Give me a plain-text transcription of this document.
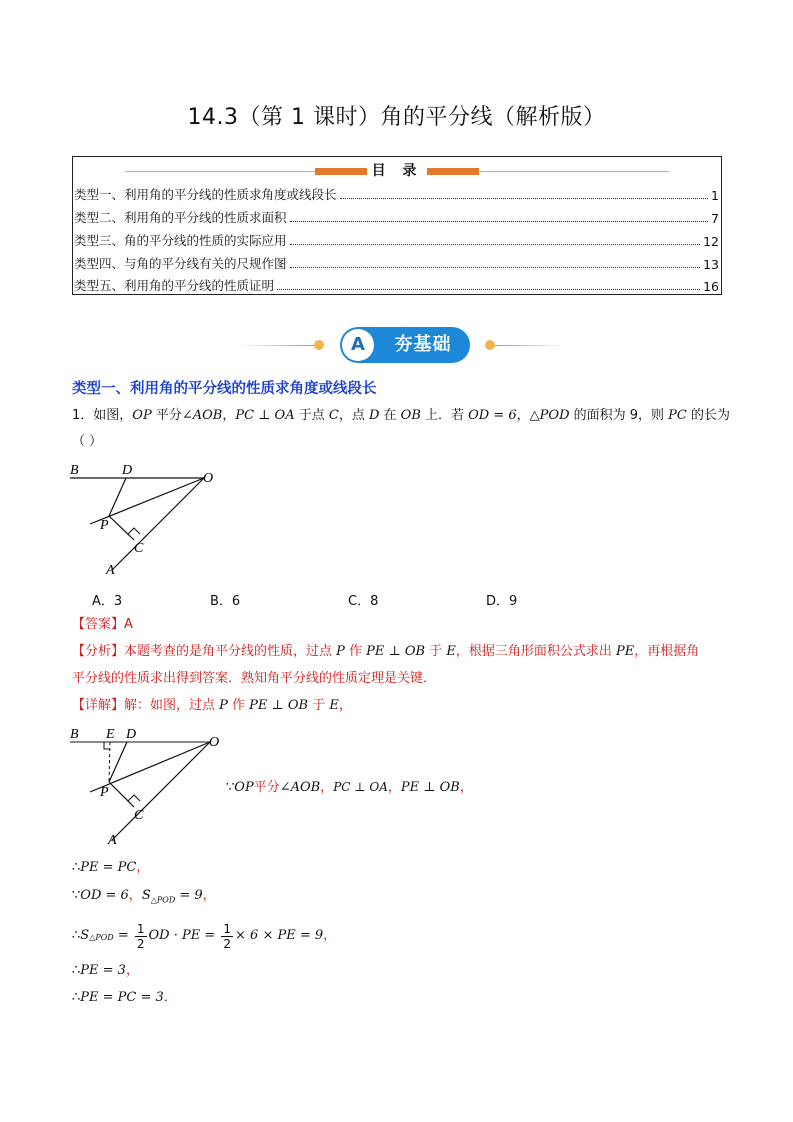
14.3（第 1 课时）角的平分线（解析版）
目 录
类型一、利用角的平分线的性质求角度或线段长	1
类型二、利用角的平分线的性质求面积	7
类型三、角的平分线的性质的实际应用	12
类型四、与角的平分线有关的尺规作图	13
类型五、利用角的平分线的性质证明	16
A	夯基础
类型一、利用角的平分线的性质求角度或线段长
1．如图，OP 平分∠AOB，PC ⊥ OA 于点 C，点 D 在 OB 上．若 OD = 6，△POD 的面积为 9，则 PC 的长为
（ ）
B	D
O
P
C
A
A．3	B．6	C．8	D．9
【答案】A
【分析】本题考查的是角平分线的性质，过点 P 作 PE ⊥ OB 于 E，根据三角形面积公式求出 PE，再根据角
平分线的性质求出得到答案．熟知角平分线的性质定理是关键．
【详解】解：如图，过点 P 作 PE ⊥ OB 于 E，
B E D
O
P
C
A
∵OP平分∠AOB，PC ⊥ OA，PE ⊥ OB，
∴PE = PC，
∵OD = 6，$S_{\triangle POD} = 9$，
∴ S △POD = $\frac{1}{2}$ OD · PE = $\frac{1}{2} \times 6$ × PE = 9 ，
∴PE = 3，
∴PE = PC = 3．
